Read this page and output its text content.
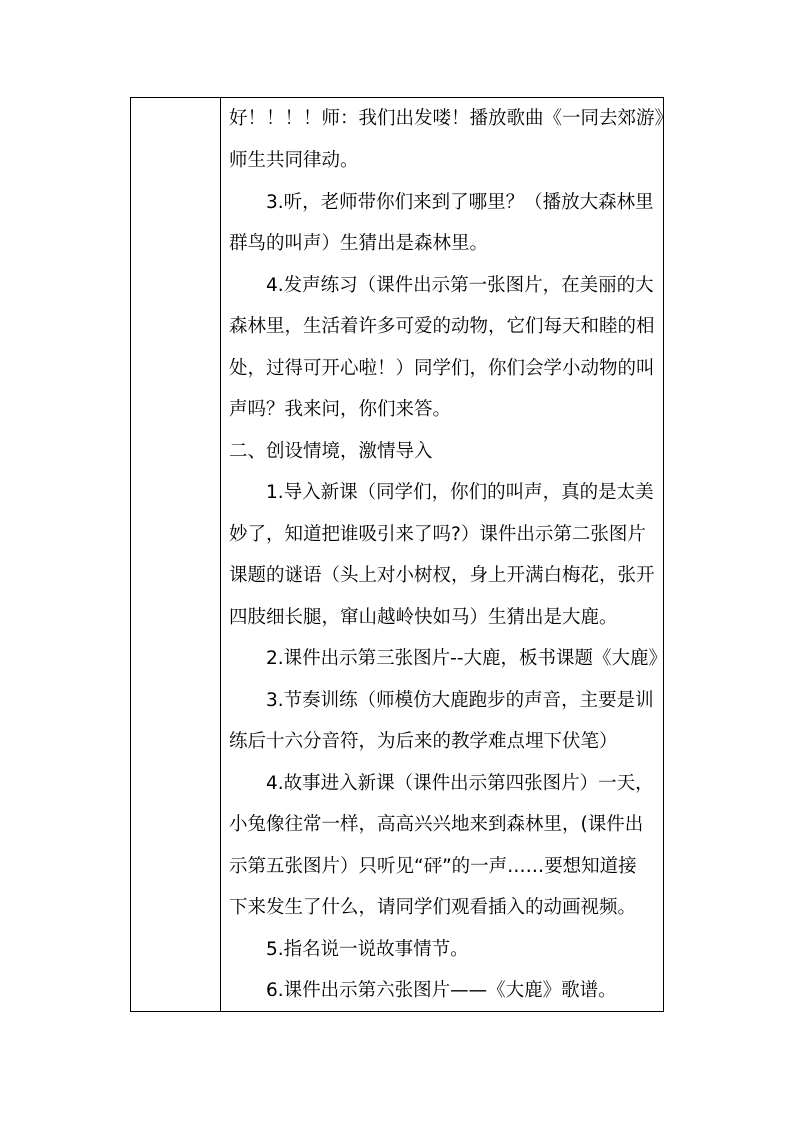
好！！！！师：我们出发喽！播放歌曲《一同去郊游》
师生共同律动。
3.听，老师带你们来到了哪里？（播放大森林里
群鸟的叫声）生猜出是森林里。
4.发声练习（课件出示第一张图片，在美丽的大
森林里，生活着许多可爱的动物，它们每天和睦的相
处，过得可开心啦！）同学们，你们会学小动物的叫
声吗？我来问，你们来答。
二、创设情境，激情导入
1.导入新课（同学们，你们的叫声，真的是太美
妙了，知道把谁吸引来了吗?）课件出示第二张图片
课题的谜语（头上对小树杈，身上开满白梅花，张开
四肢细长腿，窜山越岭快如马）生猜出是大鹿。
2.课件出示第三张图片--大鹿，板书课题《大鹿》
3.节奏训练（师模仿大鹿跑步的声音，主要是训
练后十六分音符，为后来的教学难点埋下伏笔）
4.故事进入新课（课件出示第四张图片）一天，
小兔像往常一样，高高兴兴地来到森林里，(课件出
示第五张图片）只听见“砰”的一声……要想知道接
下来发生了什么，请同学们观看插入的动画视频。
5.指名说一说故事情节。
6.课件出示第六张图片——《大鹿》歌谱。
